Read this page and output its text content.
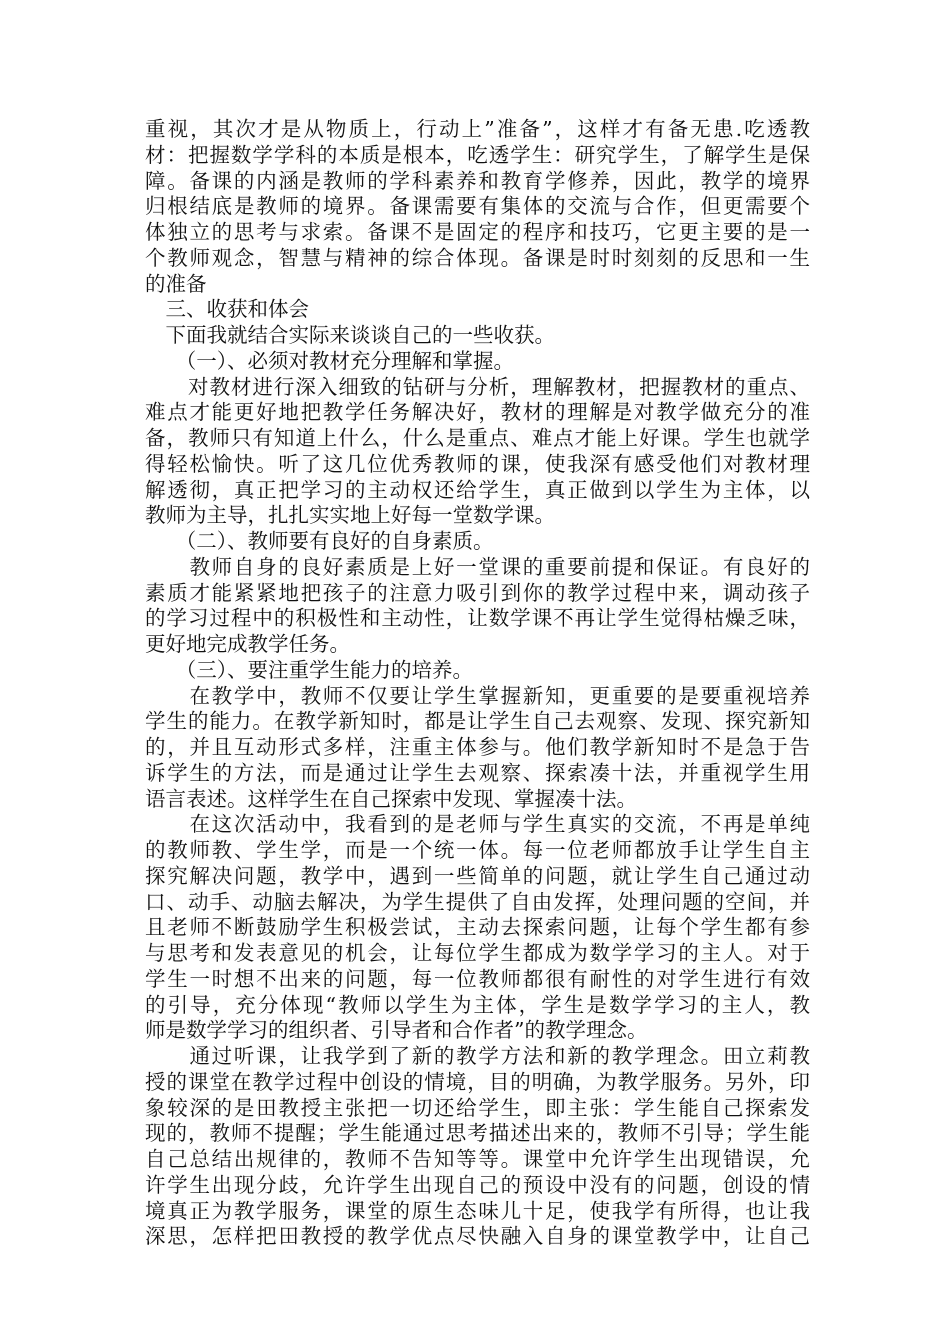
重视，其次才是从物质上，行动上”准备”，这样才有备无患.吃透教
材：把握数学学科的本质是根本，吃透学生：研究学生，了解学生是保
障。备课的内涵是教师的学科素养和教育学修养，因此，教学的境界
归根结底是教师的境界。备课需要有集体的交流与合作，但更需要个
体独立的思考与求索。备课不是固定的程序和技巧，它更主要的是一
个教师观念，智慧与精神的综合体现。备课是时时刻刻的反思和一生
的准备
　三、收获和体会
　下面我就结合实际来谈谈自己的一些收获。
　　（一）、必须对教材充分理解和掌握。
　　对教材进行深入细致的钻研与分析，理解教材，把握教材的重点、
难点才能更好地把教学任务解决好，教材的理解是对教学做充分的准
备，教师只有知道上什么，什么是重点、难点才能上好课。学生也就学
得轻松愉快。听了这几位优秀教师的课，使我深有感受他们对教材理
解透彻，真正把学习的主动权还给学生，真正做到以学生为主体，以
教师为主导，扎扎实实地上好每一堂数学课。
　　（二）、教师要有良好的自身素质。
　　教师自身的良好素质是上好一堂课的重要前提和保证。有良好的
素质才能紧紧地把孩子的注意力吸引到你的教学过程中来，调动孩子
的学习过程中的积极性和主动性，让数学课不再让学生觉得枯燥乏味，
更好地完成教学任务。
　　（三）、要注重学生能力的培养。
　　在教学中，教师不仅要让学生掌握新知，更重要的是要重视培养
学生的能力。在教学新知时，都是让学生自己去观察、发现、探究新知
的，并且互动形式多样，注重主体参与。他们教学新知时不是急于告
诉学生的方法，而是通过让学生去观察、探索凑十法，并重视学生用
语言表述。这样学生在自己探索中发现、掌握凑十法。
　　在这次活动中，我看到的是老师与学生真实的交流，不再是单纯
的教师教、学生学，而是一个统一体。每一位老师都放手让学生自主
探究解决问题，教学中，遇到一些简单的问题，就让学生自己通过动
口、动手、动脑去解决，为学生提供了自由发挥，处理问题的空间，并
且老师不断鼓励学生积极尝试，主动去探索问题，让每个学生都有参
与思考和发表意见的机会，让每位学生都成为数学学习的主人。对于
学生一时想不出来的问题，每一位教师都很有耐性的对学生进行有效
的引导，充分体现“教师以学生为主体，学生是数学学习的主人，教
师是数学学习的组织者、引导者和合作者”的教学理念。
　　通过听课，让我学到了新的教学方法和新的教学理念。田立莉教
授的课堂在教学过程中创设的情境，目的明确，为教学服务。另外，印
象较深的是田教授主张把一切还给学生，即主张：学生能自己探索发
现的，教师不提醒；学生能通过思考描述出来的，教师不引导；学生能
自己总结出规律的，教师不告知等等。课堂中允许学生出现错误，允
许学生出现分歧，允许学生出现自己的预设中没有的问题，创设的情
境真正为教学服务，课堂的原生态味儿十足，使我学有所得，也让我
深思，怎样把田教授的教学优点尽快融入自身的课堂教学中，让自己
